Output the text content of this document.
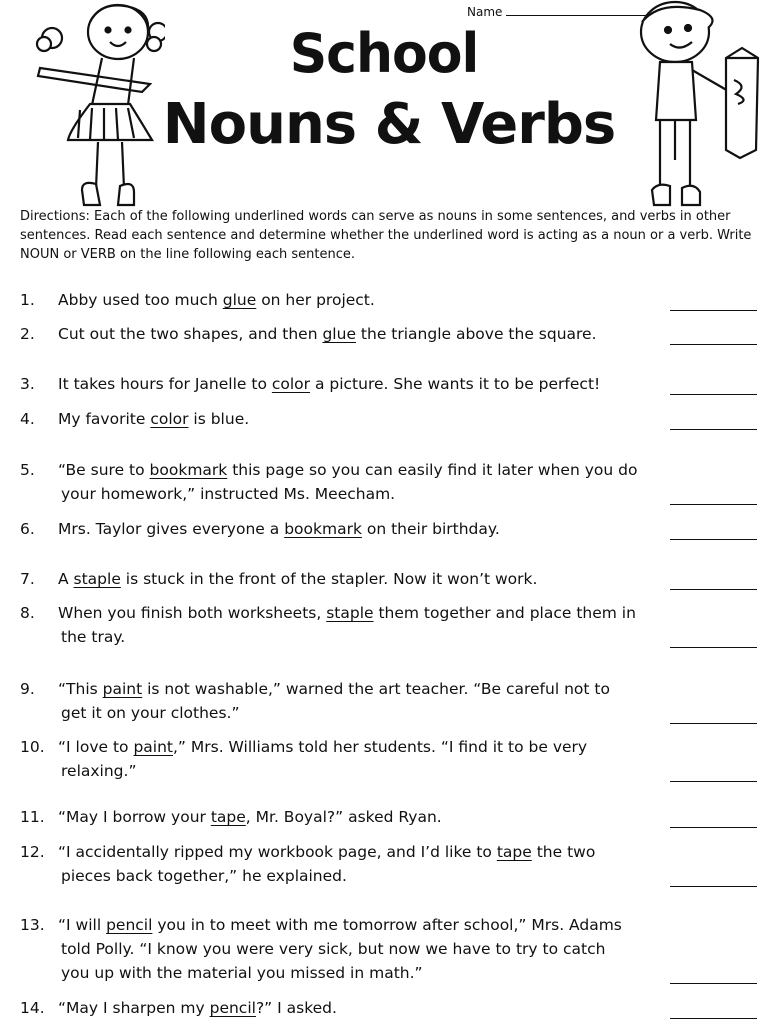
Name
School
Nouns & Verbs
Directions: Each of the following underlined words can serve as nouns in some sentences, and verbs in other sentences. Read each sentence and determine whether the underlined word is acting as a noun or a verb. Write NOUN or VERB on the line following each sentence.
1.	Abby used too much glue on her project.
2.	Cut out the two shapes, and then glue the triangle above the square.
3.	It takes hours for Janelle to color a picture. She wants it to be perfect!
4.	My favorite color is blue.
5.	“Be sure to bookmark this page so you can easily find it later when you do
your homework,” instructed Ms. Meecham.
6.	Mrs. Taylor gives everyone a bookmark on their birthday.
7.	A staple is stuck in the front of the stapler. Now it won’t work.
8.	When you finish both worksheets, staple them together and place them in
the tray.
9.	“This paint is not washable,” warned the art teacher. “Be careful not to
get it on your clothes.”
10. “I love to paint,” Mrs. Williams told her students. “I find it to be very
relaxing.”
11. “May I borrow your tape, Mr. Boyal?” asked Ryan.
12. “I accidentally ripped my workbook page, and I’d like to tape the two
pieces back together,” he explained.
13. “I will pencil you in to meet with me tomorrow after school,” Mrs. Adams
told Polly. “I know you were very sick, but now we have to try to catch
you up with the material you missed in math.”
14. “May I sharpen my pencil?” I asked.
